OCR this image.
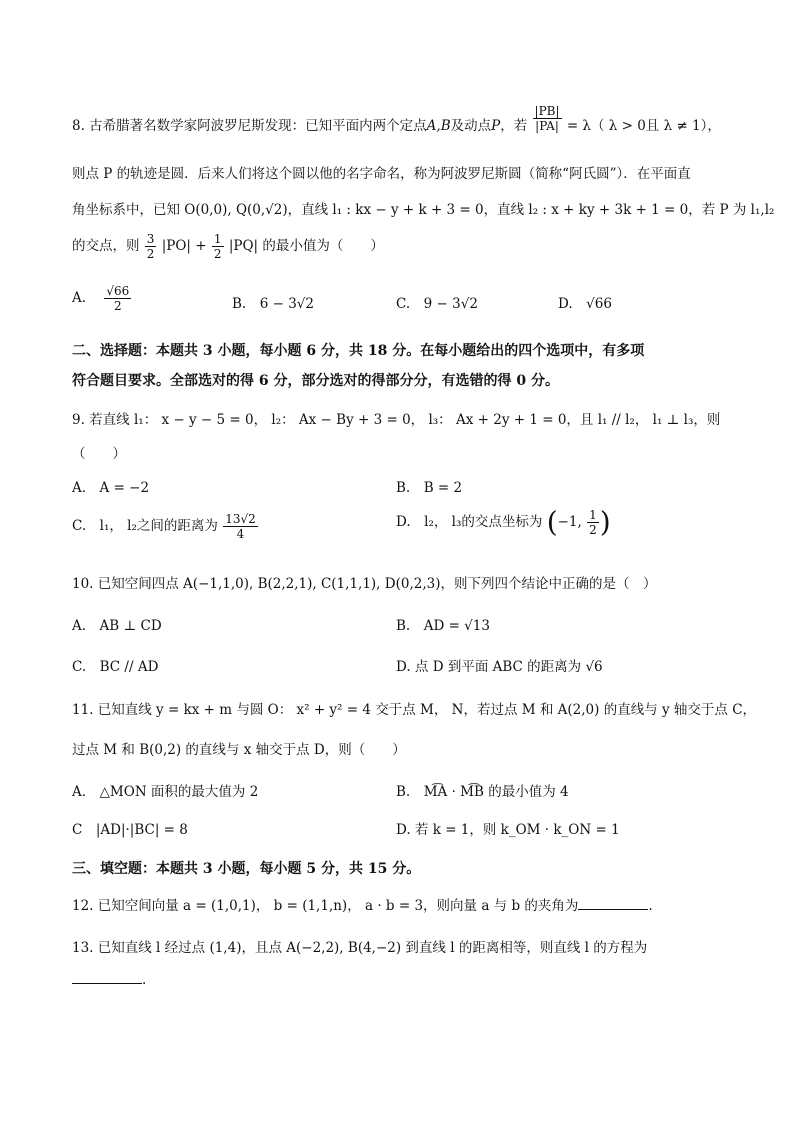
8. 古希腊著名数学家阿波罗尼斯发现：已知平面内两个定点A,B及动点P，若 $\frac{|PB|}{|PA|} = \lambda$（ λ > 0且 λ ≠ 1），
则点 P 的轨迹是圆．后来人们将这个圆以他的名字命名，称为阿波罗尼斯圆（简称“阿氏圆”）．在平面直
角坐标系中，已知 O(0,0), Q(0,√2)，直线 l₁ : kx − y + k + 3 = 0，直线 l₂ : x + ky + 3k + 1 = 0，若 P 为 l₁,l₂
的交点，则 $\frac{3}{2} |PO| + \frac{1}{2} |PQ|$ 的最小值为（　　）
A. $\frac{√66}{2}$	B.　6 − 3√2	C.　9 − 3√2	D.　√66
二、选择题：本题共 3 小题，每小题 6 分，共 18 分。在每小题给出的四个选项中，有多项
符合题目要求。全部选对的得 6 分，部分选对的得部分分，有选错的得 0 分。
9. 若直线 l₁： x − y − 5 = 0， l₂： Ax − By + 3 = 0， l₃： Ax + 2y + 1 = 0，且 l₁ // l₂， l₁ ⊥ l₃，则
（　　）
A.　A = −2	B.　B = 2
C.　l₁， l₂之间的距离为 $\frac{13√2}{4}$	D.　l₂， l₃的交点坐标为 (−1, $\frac{1}{2}$ )
10. 已知空间四点 A(−1,1,0), B(2,2,1), C(1,1,1), D(0,2,3)，则下列四个结论中正确的是（　）
A.　AB ⊥ CD	B.　AD = √13
C.　BC // AD	D. 点 D 到平面 ABC 的距离为 √6
11. 已知直线 y = kx + m 与圆 O： x² + y² = 4 交于点 M， N，若过点 M 和 A(2,0) 的直线与 y 轴交于点 C，
过点 M 和 B(0,2) 的直线与 x 轴交于点 D，则（　　）
A.　△MON 面积的最大值为 2	B.　M͡A · M͡B 的最小值为 4
C　|AD|·|BC| = 8	D. 若 k = 1，则 k_OM · k_ON = 1
三、填空题：本题共 3 小题，每小题 5 分，共 15 分。
12. 已知空间向量 a = (1,0,1)， b = (1,1,n)， a · b = 3，则向量 a 与 b 的夹角为	.
13. 已知直线 l 经过点 (1,4)，且点 A(−2,2), B(4,−2) 到直线 l 的距离相等，则直线 l 的方程为
.
